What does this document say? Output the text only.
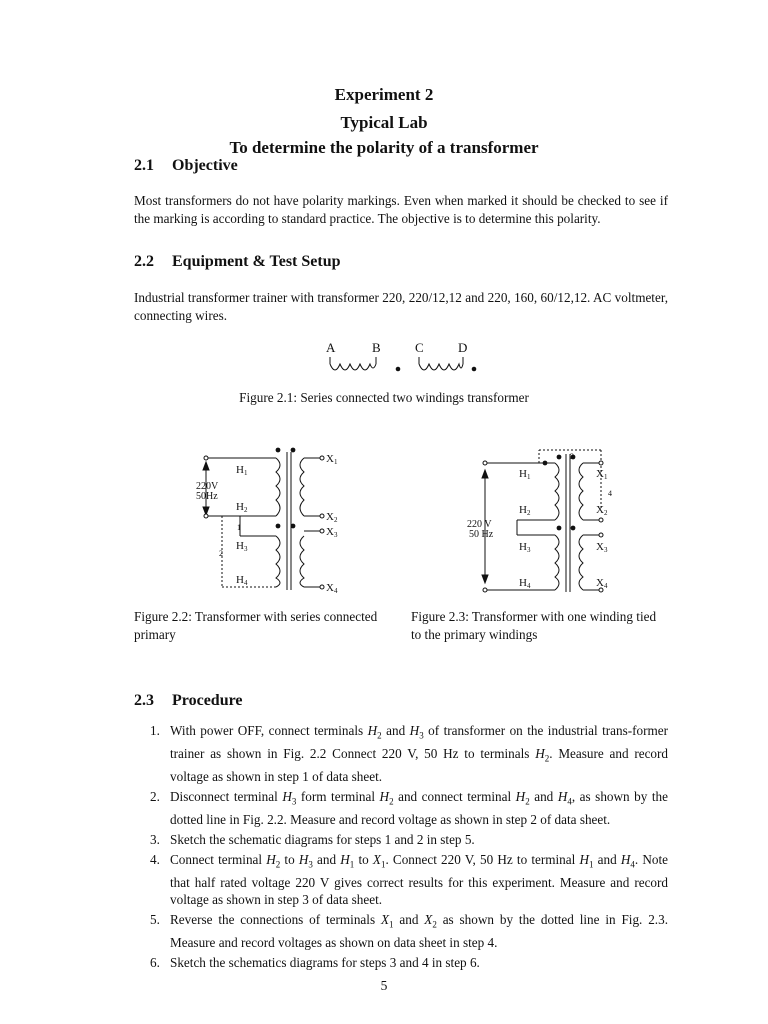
Experiment 2
Typical Lab
To determine the polarity of a transformer
2.1 Objective
Most transformers do not have polarity markings. Even when marked it should be checked to see if the marking is according to standard practice. The objective is to determine this polarity.
2.2 Equipment & Test Setup
Industrial transformer trainer with transformer 220, 220/12,12 and 220, 160, 60/12,12. AC voltmeter, connecting wires.
A	B	C	D
Figure 2.1: Series connected two windings transformer
220V
50Hz
1
2
H1
H2
H3
H4
X1
X2
X3
X4
220 V
50 Hz
3
4
H1
H2
H3
H4
X1
X2
X3
X4
Figure 2.2: Transformer with series connected primary
Figure 2.3: Transformer with one winding tied to the primary windings
2.3 Procedure
1. With power OFF, connect terminals $H_2$ and $H_3$ of transformer on the industrial trans-former trainer as shown in Fig. 2.2 Connect 220 V, 50 Hz to terminals $H_2$. Measure and record voltage as shown in step 1 of data sheet.
2. Disconnect terminal $H_3$ form terminal $H_2$ and connect terminal $H_2$ and $H_4$, as shown by the dotted line in Fig. 2.2. Measure and record voltage as shown in step 2 of data sheet.
3. Sketch the schematic diagrams for steps 1 and 2 in step 5.
4. Connect terminal $H_2$ to $H_3$ and $H_1$ to $X_1$. Connect 220 V, 50 Hz to terminal $H_1$ and $H_4$. Note that half rated voltage 220 V gives correct results for this experiment. Measure and record voltage as shown in step 3 of data sheet.
5. Reverse the connections of terminals $X_1$ and $X_2$ as shown by the dotted line in Fig. 2.3. Measure and record voltages as shown on data sheet in step 4.
6. Sketch the schematics diagrams for steps 3 and 4 in step 6.
5
